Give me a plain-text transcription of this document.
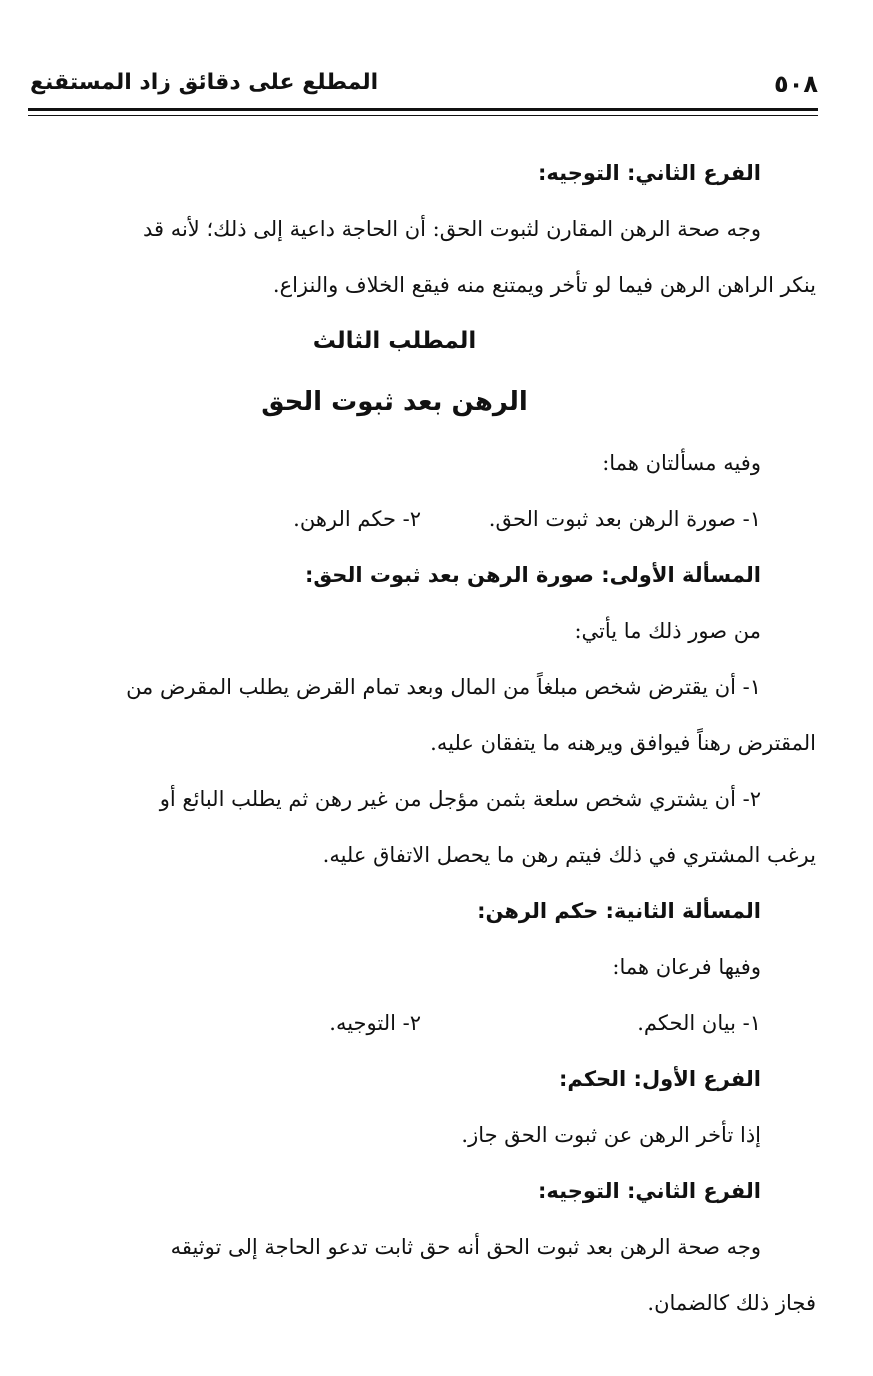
٥٠٨
المطلع على دقائق زاد المستقنع
الفرع الثاني: التوجيه:
وجه صحة الرهن المقارن لثبوت الحق: أن الحاجة داعية إلى ذلك؛ لأنه قد
ينكر الراهن الرهن فيما لو تأخر ويمتنع منه فيقع الخلاف والنزاع.
المطلب الثالث
الرهن بعد ثبوت الحق
وفيه مسألتان هما:
١- صورة الرهن بعد ثبوت الحق.
٢- حكم الرهن.
المسألة الأولى: صورة الرهن بعد ثبوت الحق:
من صور ذلك ما يأتي:
١- أن يقترض شخص مبلغاً من المال وبعد تمام القرض يطلب المقرض من
المقترض رهناً فيوافق ويرهنه ما يتفقان عليه.
٢- أن يشتري شخص سلعة بثمن مؤجل من غير رهن ثم يطلب البائع أو
يرغب المشتري في ذلك فيتم رهن ما يحصل الاتفاق عليه.
المسألة الثانية: حكم الرهن:
وفيها فرعان هما:
١- بيان الحكم.
٢- التوجيه.
الفرع الأول: الحكم:
إذا تأخر الرهن عن ثبوت الحق جاز.
الفرع الثاني: التوجيه:
وجه صحة الرهن بعد ثبوت الحق أنه حق ثابت تدعو الحاجة إلى توثيقه
فجاز ذلك كالضمان.
